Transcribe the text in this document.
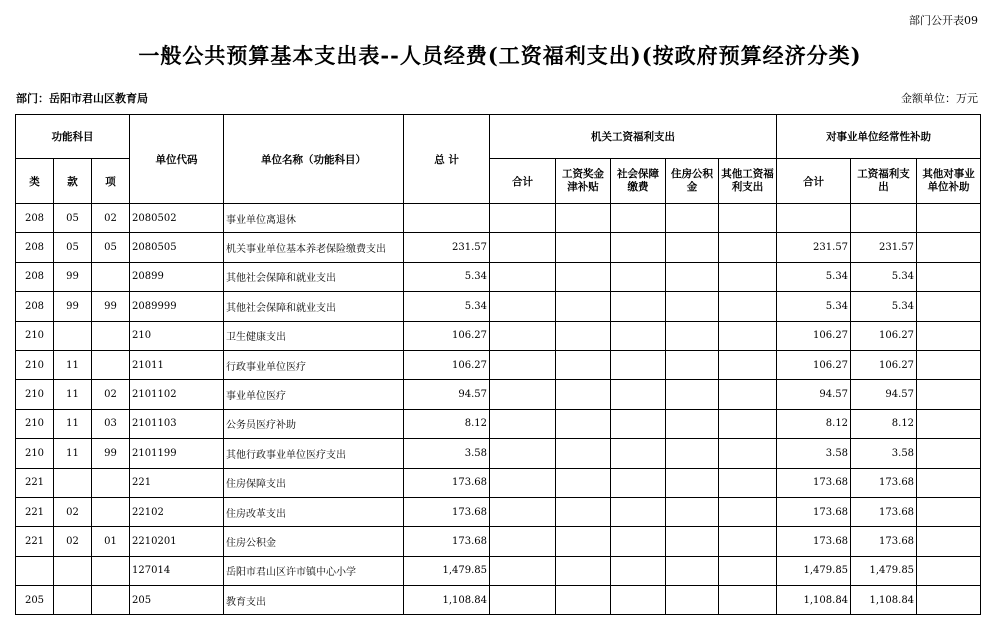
部门公开表09
一般公共预算基本支出表--人员经费(工资福利支出)(按政府预算经济分类)
部门：岳阳市君山区教育局	金额单位：万元
功能科目			单位代码	单位名称（功能科目）	总 计	机关工资福利支出					对事业单位经常性补助		
类	款	项				合计	工资奖金津补贴	社会保障缴费	住房公积金	其他工资福利支出	合计	工资福利支出	其他对事业单位补助
208	05	02	2080502	事业单位离退休									
208	05	05	2080505	机关事业单位基本养老保险缴费支出	231.57						231.57	231.57	
208	99		20899	其他社会保障和就业支出	5.34						5.34	5.34	
208	99	99	2089999	其他社会保障和就业支出	5.34						5.34	5.34	
210			210	卫生健康支出	106.27						106.27	106.27	
210	11		21011	行政事业单位医疗	106.27						106.27	106.27	
210	11	02	2101102	事业单位医疗	94.57						94.57	94.57	
210	11	03	2101103	公务员医疗补助	8.12						8.12	8.12	
210	11	99	2101199	其他行政事业单位医疗支出	3.58						3.58	3.58	
221			221	住房保障支出	173.68						173.68	173.68	
221	02		22102	住房改革支出	173.68						173.68	173.68	
221	02	01	2210201	住房公积金	173.68						173.68	173.68	
			127014	岳阳市君山区许市镇中心小学	1,479.85						1,479.85	1,479.85	
205			205	教育支出	1,108.84						1,108.84	1,108.84	
